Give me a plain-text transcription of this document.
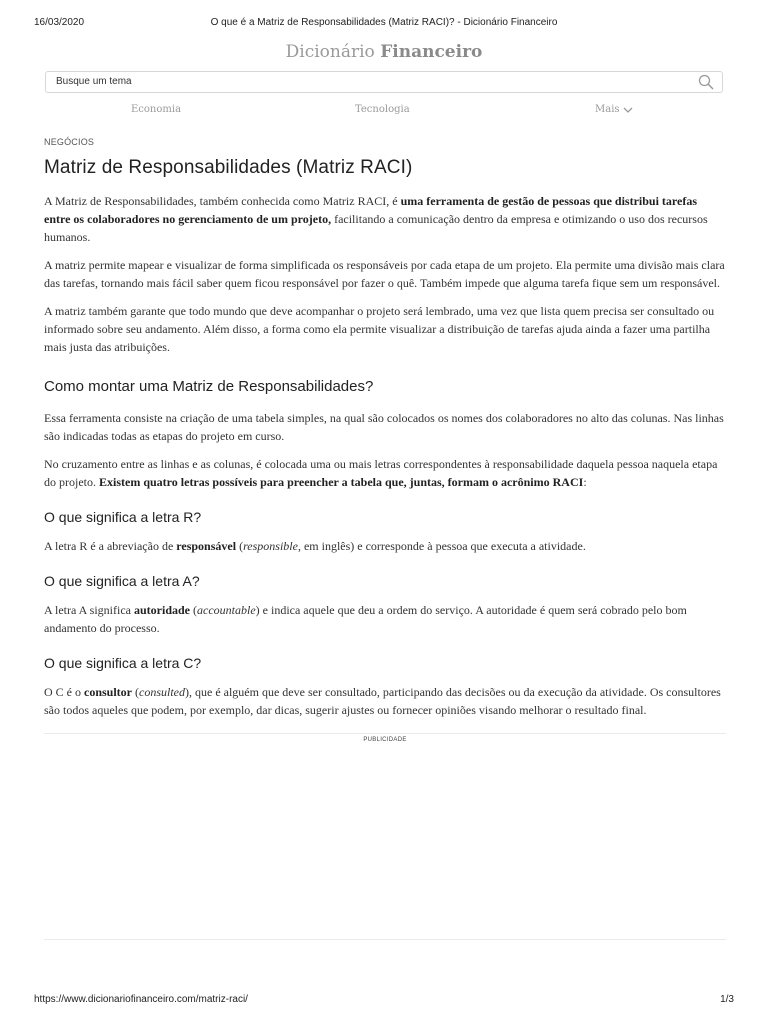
16/03/2020	O que é a Matriz de Responsabilidades (Matriz RACI)? - Dicionário Financeiro
Dicionário Financeiro
Busque um tema
Economia	Tecnologia	Mais

NEGÓCIOS

Matriz de Responsabilidades (Matriz RACI)

A Matriz de Responsabilidades, também conhecida como Matriz RACI, é uma ferramenta de gestão de pessoas que distribui tarefas entre os colaboradores no gerenciamento de um projeto, facilitando a comunicação dentro da empresa e otimizando o uso dos recursos humanos.

A matriz permite mapear e visualizar de forma simplificada os responsáveis por cada etapa de um projeto. Ela permite uma divisão mais clara das tarefas, tornando mais fácil saber quem ficou responsável por fazer o quê. Também impede que alguma tarefa fique sem um responsável.

A matriz também garante que todo mundo que deve acompanhar o projeto será lembrado, uma vez que lista quem precisa ser consultado ou informado sobre seu andamento. Além disso, a forma como ela permite visualizar a distribuição de tarefas ajuda ainda a fazer uma partilha mais justa das atribuições.

Como montar uma Matriz de Responsabilidades?

Essa ferramenta consiste na criação de uma tabela simples, na qual são colocados os nomes dos colaboradores no alto das colunas. Nas linhas são indicadas todas as etapas do projeto em curso.

No cruzamento entre as linhas e as colunas, é colocada uma ou mais letras correspondentes à responsabilidade daquela pessoa naquela etapa do projeto. Existem quatro letras possíveis para preencher a tabela que, juntas, formam o acrônimo RACI:

O que significa a letra R?

A letra R é a abreviação de responsável (responsible, em inglês) e corresponde à pessoa que executa a atividade.

O que significa a letra A?

A letra A significa autoridade (accountable) e indica aquele que deu a ordem do serviço. A autoridade é quem será cobrado pelo bom andamento do processo.

O que significa a letra C?

O C é o consultor (consulted), que é alguém que deve ser consultado, participando das decisões ou da execução da atividade. Os consultores são todos aqueles que podem, por exemplo, dar dicas, sugerir ajustes ou fornecer opiniões visando melhorar o resultado final.

PUBLICIDADE
https://www.dicionariofinanceiro.com/matriz-raci/	1/3
